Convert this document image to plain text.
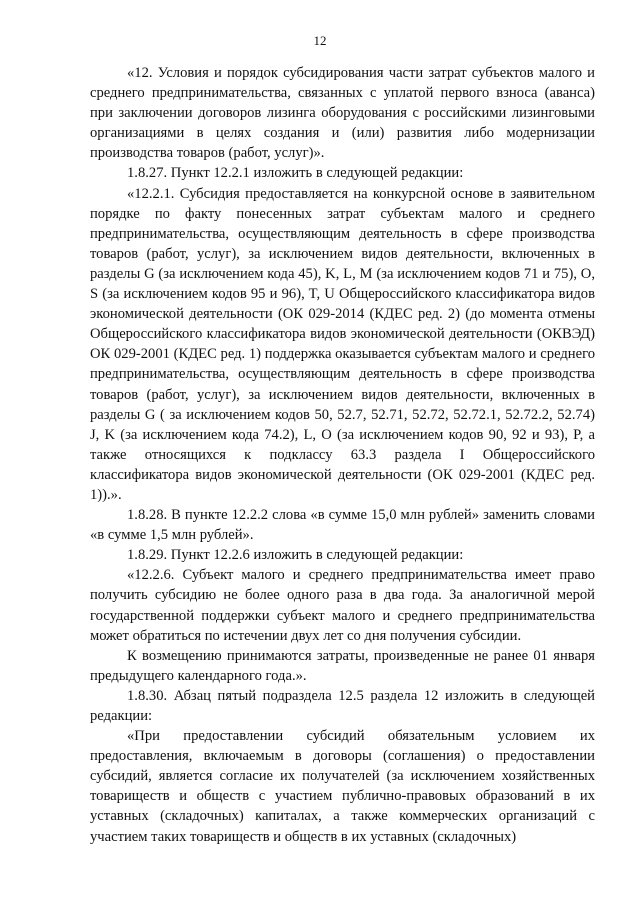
12

«12. Условия и порядок субсидирования части затрат субъектов малого и среднего предпринимательства, связанных с уплатой первого взноса (аванса) при заключении договоров лизинга оборудования с российскими лизинговыми организациями в целях создания и (или) развития либо модернизации производства товаров (работ, услуг)».

1.8.27. Пункт 12.2.1 изложить в следующей редакции:

«12.2.1. Субсидия предоставляется на конкурсной основе в заявительном порядке по факту понесенных затрат субъектам малого и среднего предпринимательства, осуществляющим деятельность в сфере производства товаров (работ, услуг), за исключением видов деятельности, включенных в разделы G (за исключением кода 45), K, L, M (за исключением кодов 71 и 75), O, S (за исключением кодов 95 и 96), T, U Общероссийского классификатора видов экономической деятельности (ОК 029-2014 (КДЕС ред. 2) (до момента отмены Общероссийского классификатора видов экономической деятельности (ОКВЭД) ОК 029-2001 (КДЕС ред. 1) поддержка оказывается субъектам малого и среднего предпринимательства, осуществляющим деятельность в сфере производства товаров (работ, услуг), за исключением видов деятельности, включенных в разделы G ( за исключением кодов 50, 52.7, 52.71, 52.72, 52.72.1, 52.72.2, 52.74) J, K (за исключением кода 74.2), L, O (за исключением кодов 90, 92 и 93), P, а также относящихся к подклассу 63.3 раздела I Общероссийского классификатора видов экономической деятельности (ОК 029-2001 (КДЕС ред. 1)).».

1.8.28. В пункте 12.2.2 слова «в сумме 15,0 млн рублей» заменить словами «в сумме 1,5 млн рублей».

1.8.29. Пункт 12.2.6 изложить в следующей редакции:

«12.2.6. Субъект малого и среднего предпринимательства имеет право получить субсидию не более одного раза в два года. За аналогичной мерой государственной поддержки субъект малого и среднего предпринимательства может обратиться по истечении двух лет со дня получения субсидии.

К возмещению принимаются затраты, произведенные не ранее 01 января предыдущего календарного года.».

1.8.30. Абзац пятый подраздела 12.5 раздела 12 изложить в следующей редакции:

«При предоставлении субсидий обязательным условием их предоставления, включаемым в договоры (соглашения) о предоставлении субсидий, является согласие их получателей (за исключением хозяйственных товариществ и обществ с участием публично-правовых образований в их уставных (складочных) капиталах, а также коммерческих организаций с участием таких товариществ и обществ в их уставных (складочных)
